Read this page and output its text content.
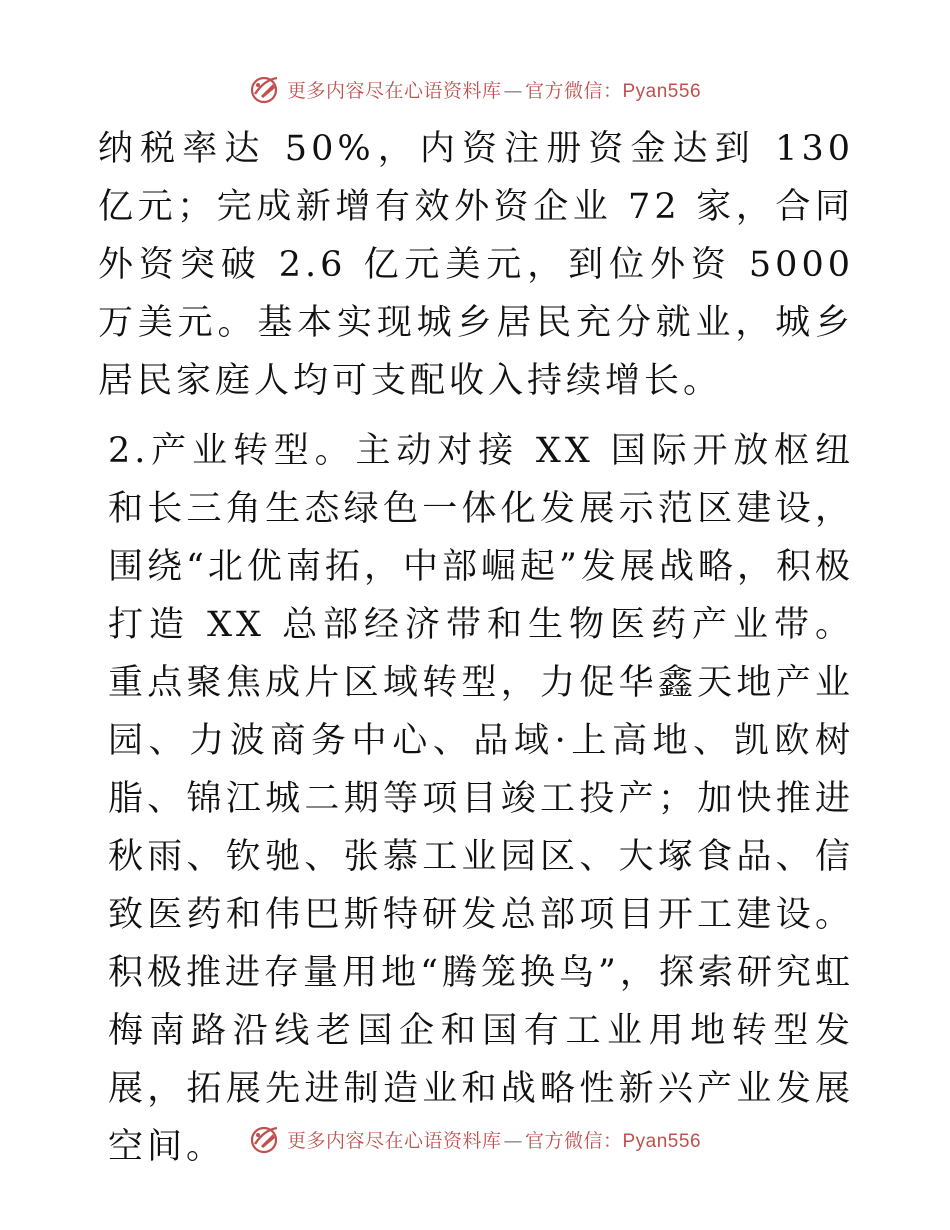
更多内容尽在心语资料库 — 官方微信：Pyan556

纳税率达 50%，内资注册资金达到 130 亿元；完成新增有效外资企业 72 家，合同外资突破 2.6 亿元美元，到位外资 5000 万美元。基本实现城乡居民充分就业，城乡居民家庭人均可支配收入持续增长。

2.产业转型。主动对接 XX 国际开放枢纽和长三角生态绿色一体化发展示范区建设，围绕“北优南拓，中部崛起”发展战略，积极打造 XX 总部经济带和生物医药产业带。重点聚焦成片区域转型，力促华鑫天地产业园、力波商务中心、品域·上高地、凯欧树脂、锦江城二期等项目竣工投产；加快推进秋雨、钦驰、张慕工业园区、大塚食品、信致医药和伟巴斯特研发总部项目开工建设。积极推进存量用地“腾笼换鸟”，探索研究虹梅南路沿线老国企和国有工业用地转型发展，拓展先进制造业和战略性新兴产业发展空间。	更多内容尽在心语资料库 — 官方微信：Pyan556
